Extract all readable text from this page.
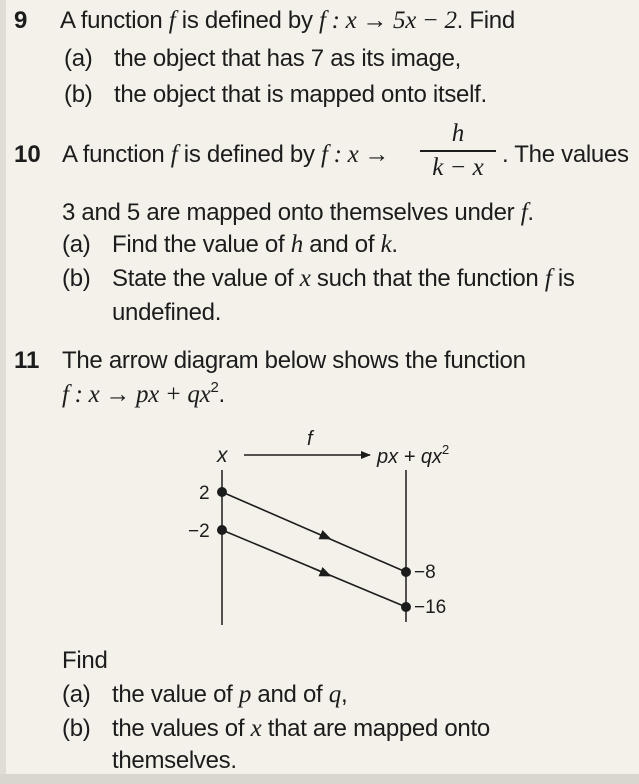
9 A function f is defined by f : x → 5x − 2. Find
(a) the object that has 7 as its image,
(b) the object that is mapped onto itself.
10 A function f is defined by f : x →
h
k − x . The values
3 and 5 are mapped onto themselves under f.
(a) Find the value of h and of k.
(b) State the value of x such that the function f is
undefined.
11 The arrow diagram below shows the function
f : x → px + $qx^2$.
x
f
px + $qx^2$
2
−2
−8
−16
Find
(a) the value of p and of q,
(b) the values of x that are mapped onto
themselves.
